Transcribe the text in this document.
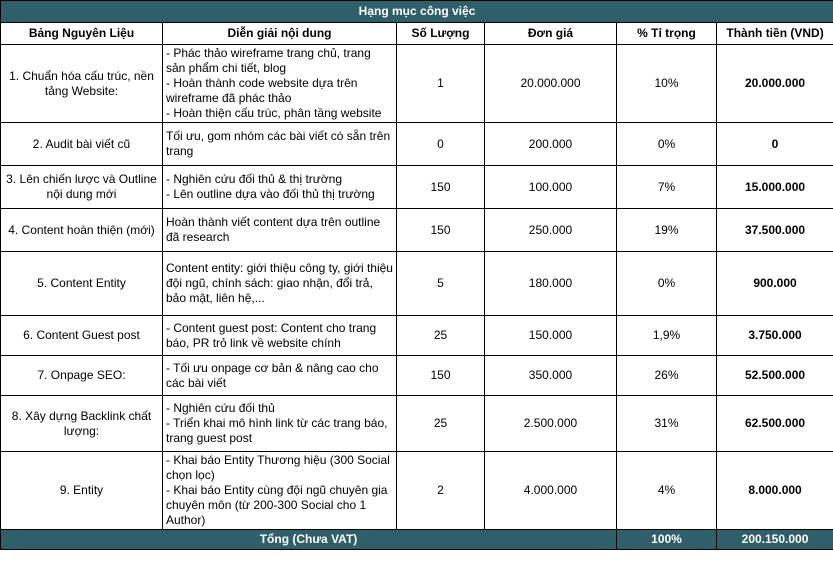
Hạng mục công việc					
Bảng Nguyên Liệu	Diễn giải nội dung	Số Lượng	Đơn giá	% Tỉ trọng	Thành tiền (VND)
1. Chuẩn hóa cấu trúc, nền tảng Website:	- Phác thảo wireframe trang chủ, trang sản phẩm chi tiết, blog
- Hoàn thành code website dựa trên wireframe đã phác thảo
- Hoàn thiện cấu trúc, phân tầng website	1	20.000.000	10%	20.000.000
2. Audit bài viết cũ	Tối ưu, gom nhóm các bài viết có sẵn trên trang	0	200.000	0%	0
3. Lên chiến lược và Outline nội dung mới	- Nghiên cứu đối thủ & thị trường
- Lên outline dựa vào đối thủ thị trường	150	100.000	7%	15.000.000
4. Content hoàn thiện (mới)	Hoàn thành viết content dựa trên outline đã research	150	250.000	19%	37.500.000
5. Content Entity	Content entity: giới thiệu công ty, giới thiệu đội ngũ, chính sách: giao nhận, đổi trả, bảo mật, liên hệ,...	5	180.000	0%	900.000
6. Content Guest post	- Content guest post: Content cho trang báo, PR trỏ link về website chính	25	150.000	1,9%	3.750.000
7. Onpage SEO:	- Tối ưu onpage cơ bản & nâng cao cho các bài viết	150	350.000	26%	52.500.000
8. Xây dựng Backlink chất lượng:	- Nghiên cứu đối thủ
- Triển khai mô hình link từ các trang báo, trang guest post	25	2.500.000	31%	62.500.000
9. Entity	- Khai báo Entity Thương hiệu (300 Social chọn lọc)
- Khai báo Entity cùng đội ngũ chuyên gia chuyên môn (từ 200-300 Social cho 1 Author)	2	4.000.000	4%	8.000.000
Tổng (Chưa VAT)				100%	200.150.000
